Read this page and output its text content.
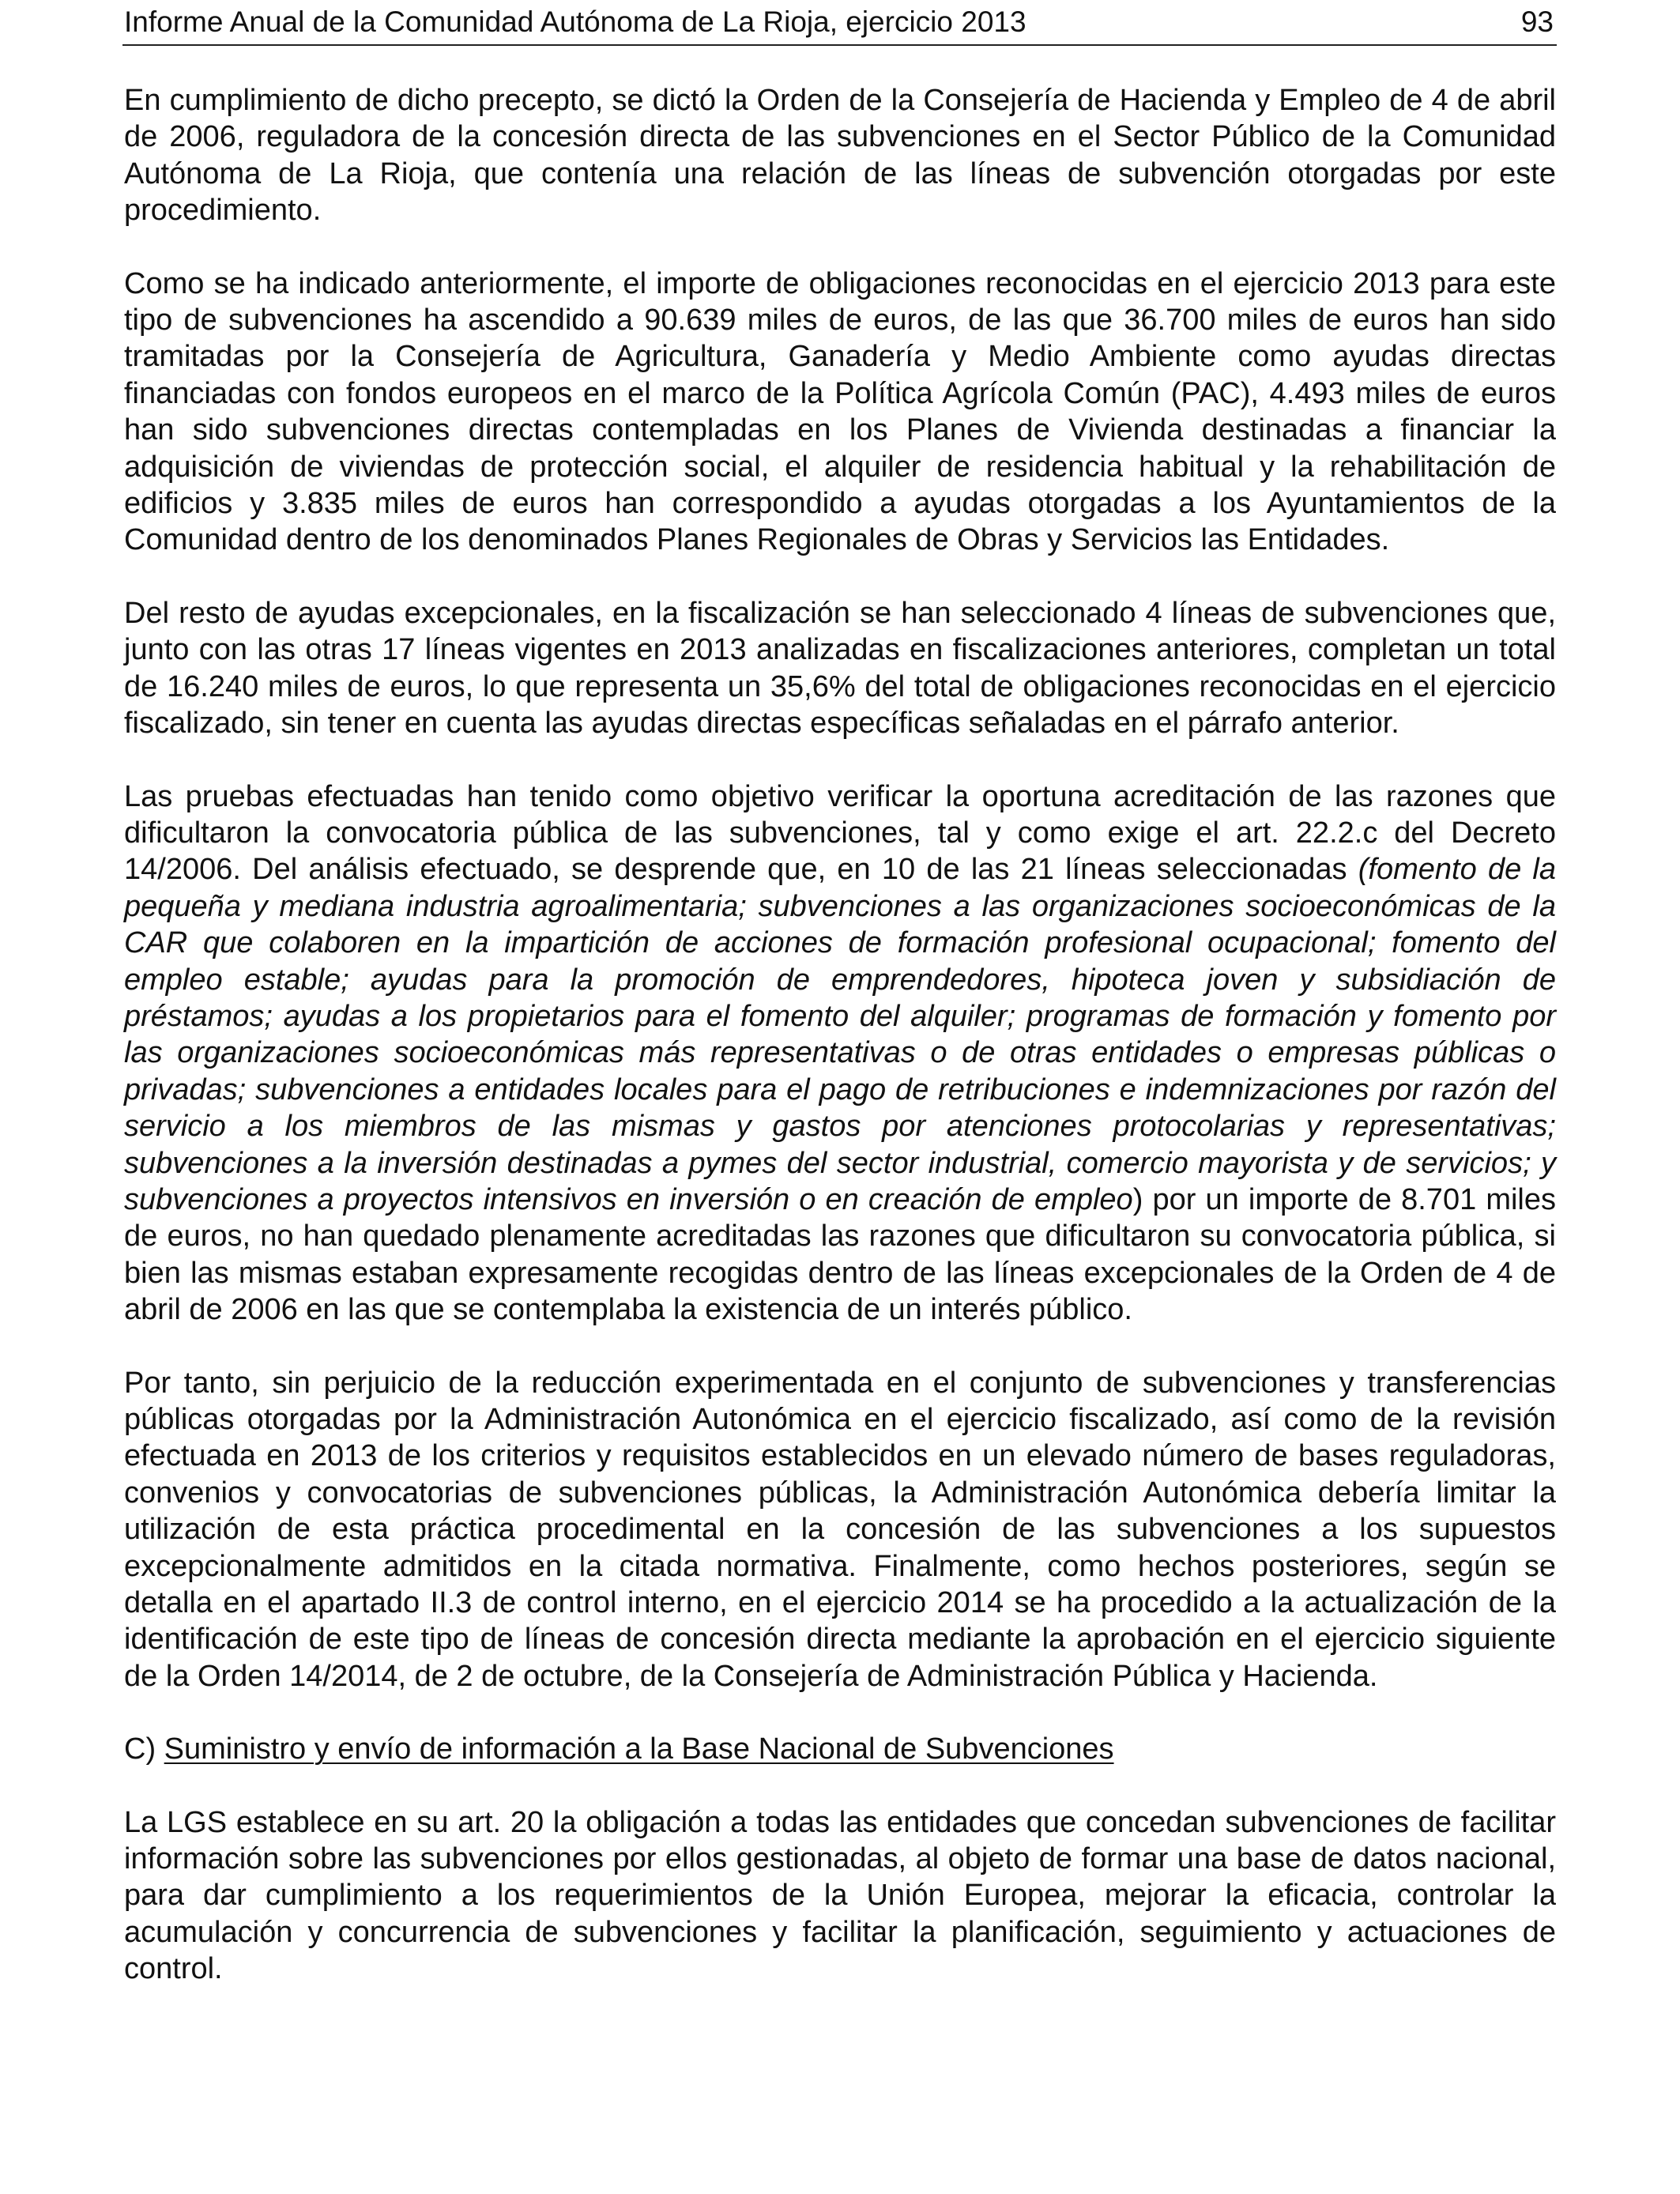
Informe Anual de la Comunidad Autónoma de La Rioja, ejercicio 2013	93

En cumplimiento de dicho precepto, se dictó la Orden de la Consejería de Hacienda y Empleo de 4 de abril de 2006, reguladora de la concesión directa de las subvenciones en el Sector Público de la Comunidad Autónoma de La Rioja, que contenía una relación de las líneas de subvención otorgadas por este procedimiento.

Como se ha indicado anteriormente, el importe de obligaciones reconocidas en el ejercicio 2013 para este tipo de subvenciones ha ascendido a 90.639 miles de euros, de las que 36.700 miles de euros han sido tramitadas por la Consejería de Agricultura, Ganadería y Medio Ambiente como ayudas directas financiadas con fondos europeos en el marco de la Política Agrícola Común (PAC), 4.493 miles de euros han sido subvenciones directas contempladas en los Planes de Vivienda destinadas a financiar la adquisición de viviendas de protección social, el alquiler de residencia habitual y la rehabilitación de edificios y 3.835 miles de euros han correspondido a ayudas otorgadas a los Ayuntamientos de la Comunidad dentro de los denominados Planes Regionales de Obras y Servicios las Entidades.

Del resto de ayudas excepcionales, en la fiscalización se han seleccionado 4 líneas de subvenciones que, junto con las otras 17 líneas vigentes en 2013 analizadas en fiscalizaciones anteriores, completan un total de 16.240 miles de euros, lo que representa un 35,6% del total de obligaciones reconocidas en el ejercicio fiscalizado, sin tener en cuenta las ayudas directas específicas señaladas en el párrafo anterior.

Las pruebas efectuadas han tenido como objetivo verificar la oportuna acreditación de las razones que dificultaron la convocatoria pública de las subvenciones, tal y como exige el art. 22.2.c del Decreto 14/2006. Del análisis efectuado, se desprende que, en 10 de las 21 líneas seleccionadas (fomento de la pequeña y mediana industria agroalimentaria; subvenciones a las organizaciones socioeconómicas de la CAR que colaboren en la impartición de acciones de formación profesional ocupacional; fomento del empleo estable; ayudas para la promoción de emprendedores, hipoteca joven y subsidiación de préstamos; ayudas a los propietarios para el fomento del alquiler; programas de formación y fomento por las organizaciones socioeconómicas más representativas o de otras entidades o empresas públicas o privadas; subvenciones a entidades locales para el pago de retribuciones e indemnizaciones por razón del servicio a los miembros de las mismas y gastos por atenciones protocolarias y representativas; subvenciones a la inversión destinadas a pymes del sector industrial, comercio mayorista y de servicios; y subvenciones a proyectos intensivos en inversión o en creación de empleo) por un importe de 8.701 miles de euros, no han quedado plenamente acreditadas las razones que dificultaron su convocatoria pública, si bien las mismas estaban expresamente recogidas dentro de las líneas excepcionales de la Orden de 4 de abril de 2006 en las que se contemplaba la existencia de un interés público.

Por tanto, sin perjuicio de la reducción experimentada en el conjunto de subvenciones y transferencias públicas otorgadas por la Administración Autonómica en el ejercicio fiscalizado, así como de la revisión efectuada en 2013 de los criterios y requisitos establecidos en un elevado número de bases reguladoras, convenios y convocatorias de subvenciones públicas, la Administración Autonómica debería limitar la utilización de esta práctica procedimental en la concesión de las subvenciones a los supuestos excepcionalmente admitidos en la citada normativa. Finalmente, como hechos posteriores, según se detalla en el apartado II.3 de control interno, en el ejercicio 2014 se ha procedido a la actualización de la identificación de este tipo de líneas de concesión directa mediante la aprobación en el ejercicio siguiente de la Orden 14/2014, de 2 de octubre, de la Consejería de Administración Pública y Hacienda.

C) Suministro y envío de información a la Base Nacional de Subvenciones

La LGS establece en su art. 20 la obligación a todas las entidades que concedan subvenciones de facilitar información sobre las subvenciones por ellos gestionadas, al objeto de formar una base de datos nacional, para dar cumplimiento a los requerimientos de la Unión Europea, mejorar la eficacia, controlar la acumulación y concurrencia de subvenciones y facilitar la planificación, seguimiento y actuaciones de control.
